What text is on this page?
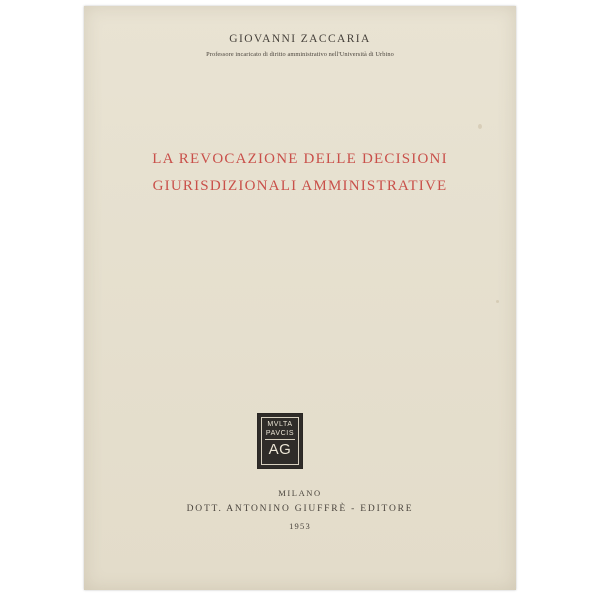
GIOVANNI ZACCARIA
Professore incaricato di diritto amministrativo nell'Università di Urbino
LA REVOCAZIONE DELLE DECISIONI
GIURISDIZIONALI AMMINISTRATIVE
MVLTA
PAVCIS
AG
MILANO
DOTT. ANTONINO GIUFFRÈ - EDITORE
1953
